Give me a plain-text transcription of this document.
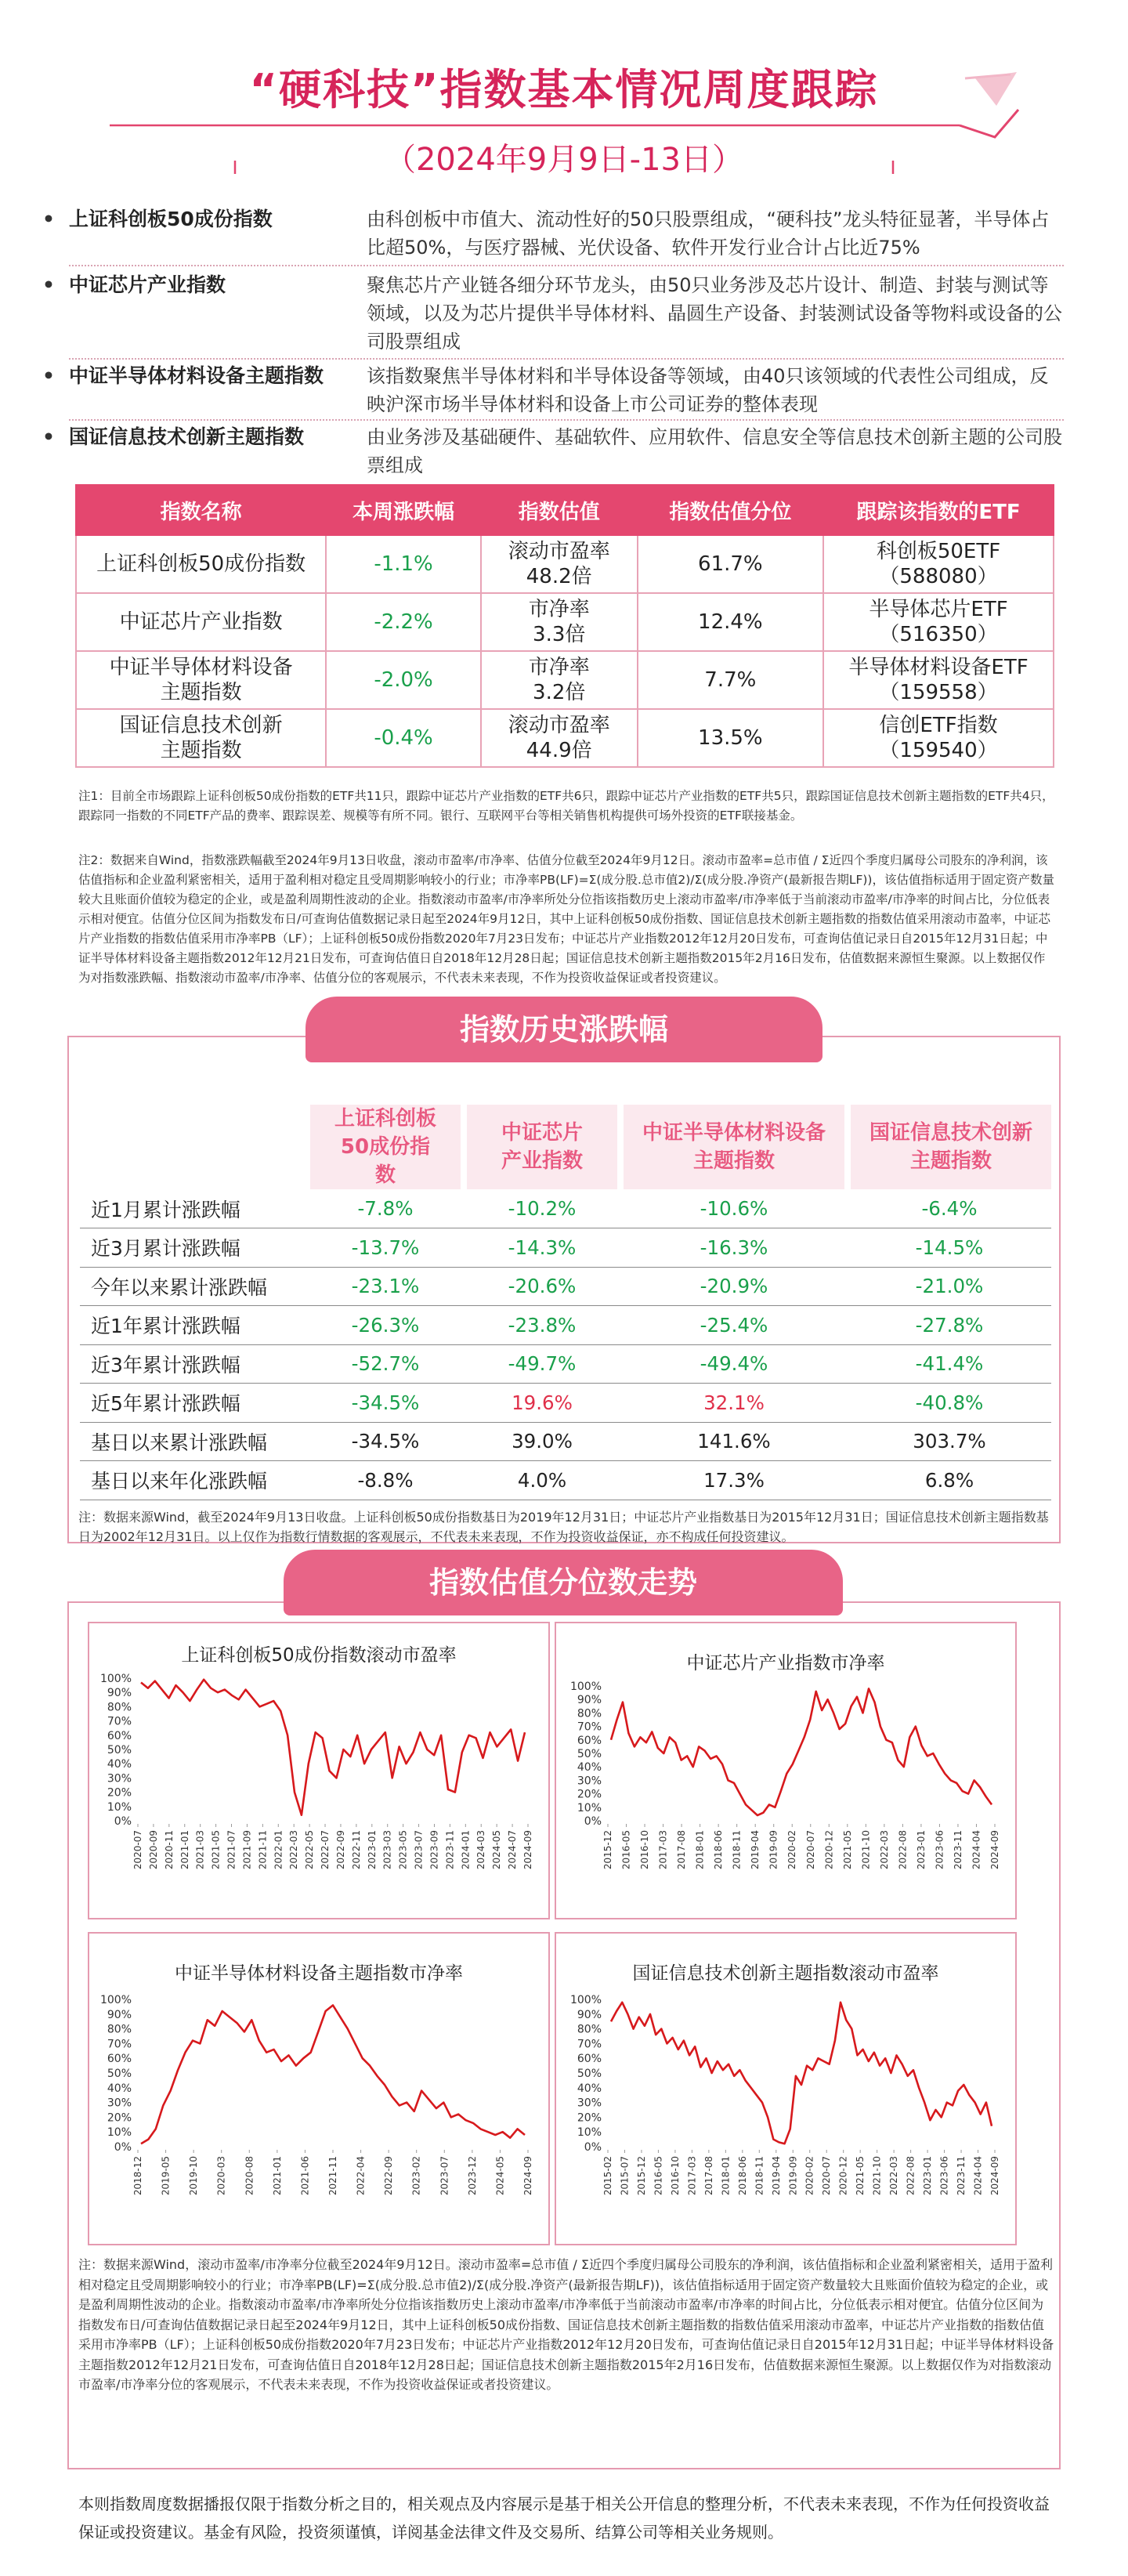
“硬科技”指数基本情况周度跟踪
（2024年9月9日-13日）
• 上证科创板50成份指数	由科创板中市值大、流动性好的50只股票组成，“硬科技”龙头特征显著，半导体占比超50%，与医疗器械、光伏设备、软件开发行业合计占比近75%
• 中证芯片产业指数	聚焦芯片产业链各细分环节龙头，由50只业务涉及芯片设计、制造、封装与测试等领域，以及为芯片提供半导体材料、晶圆生产设备、封装测试设备等物料或设备的公司股票组成
• 中证半导体材料设备主题指数	该指数聚焦半导体材料和半导体设备等领域，由40只该领域的代表性公司组成，反映沪深市场半导体材料和设备上市公司证券的整体表现
• 国证信息技术创新主题指数	由业务涉及基础硬件、基础软件、应用软件、信息安全等信息技术创新主题的公司股票组成
指数名称	本周涨跌幅	指数估值	指数估值分位	跟踪该指数的ETF
上证科创板50成份指数	-1.1%	滚动市盈率 48.2倍	61.7%	科创板50ETF （588080）
中证芯片产业指数	-2.2%	市净率 3.3倍	12.4%	半导体芯片ETF （516350）
中证半导体材料设备 主题指数	-2.0%	市净率 3.2倍	7.7%	半导体材料设备ETF （159558）
国证信息技术创新 主题指数	-0.4%	滚动市盈率 44.9倍	13.5%	信创ETF指数 （159540）
注1：目前全市场跟踪上证科创板50成份指数的ETF共11只，跟踪中证芯片产业指数的ETF共6只，跟踪中证芯片产业指数的ETF共5只，跟踪国证信息技术创新主题指数的ETF共4只，跟踪同一指数的不同ETF产品的费率、跟踪误差、规模等有所不同。银行、互联网平台等相关销售机构提供可场外投资的ETF联接基金。
注2：数据来自Wind，指数涨跌幅截至2024年9月13日收盘，滚动市盈率/市净率、估值分位截至2024年9月12日。滚动市盈率=总市值 / Σ近四个季度归属母公司股东的净利润，该估值指标和企业盈利紧密相关，适用于盈利相对稳定且受周期影响较小的行业；市净率PB(LF)=Σ(成分股.总市值2)/Σ(成分股.净资产(最新报告期LF))，该估值指标适用于固定资产数量较大且账面价值较为稳定的企业，或是盈利周期性波动的企业。指数滚动市盈率/市净率所处分位指该指数历史上滚动市盈率/市净率低于当前滚动市盈率/市净率的时间占比，分位低表示相对便宜。估值分位区间为指数发布日/可查询估值数据记录日起至2024年9月12日，其中上证科创板50成份指数、国证信息技术创新主题指数的指数估值采用滚动市盈率，中证芯片产业指数的指数估值采用市净率PB（LF）；上证科创板50成份指数2020年7月23日发布；中证芯片产业指数2012年12月20日发布，可查询估值记录日自2015年12月31日起；中证半导体材料设备主题指数2012年12月21日发布，可查询估值日自2018年12月28日起；国证信息技术创新主题指数2015年2月16日发布，估值数据来源恒生聚源。以上数据仅作为对指数涨跌幅、指数滚动市盈率/市净率、估值分位的客观展示，不代表未来表现，不作为投资收益保证或者投资建议。
指数历史涨跌幅
	上证科创板 50成份指数	中证芯片 产业指数	中证半导体材料设备 主题指数	国证信息技术创新 主题指数
近1月累计涨跌幅	-7.8%	-10.2%	-10.6%	-6.4%
近3月累计涨跌幅	-13.7%	-14.3%	-16.3%	-14.5%
今年以来累计涨跌幅	-23.1%	-20.6%	-20.9%	-21.0%
近1年累计涨跌幅	-26.3%	-23.8%	-25.4%	-27.8%
近3年累计涨跌幅	-52.7%	-49.7%	-49.4%	-41.4%
近5年累计涨跌幅	-34.5%	19.6%	32.1%	-40.8%
基日以来累计涨跌幅	-34.5%	39.0%	141.6%	303.7%
基日以来年化涨跌幅	-8.8%	4.0%	17.3%	6.8%
注：数据来源Wind，截至2024年9月13日收盘。上证科创板50成份指数基日为2019年12月31日；中证芯片产业指数基日为2015年12月31日；国证信息技术创新主题指数基日为2002年12月31日。以上仅作为指数行情数据的客观展示，不代表未来表现，不作为投资收益保证，亦不构成任何投资建议。
指数估值分位数走势
上证科创板50成份指数滚动市盈率
100%
90%
80%
70%
60%
50%
40%
30%
20%
10%
0%
2020-07 2020-09 2020-11 2021-01 2021-03 2021-05 2021-07 2021-09 2021-11 2022-01 2022-03 2022-05 2022-07 2022-09 2022-11 2023-01 2023-03 2023-05 2023-07 2023-09 2023-11 2024-01 2024-03 2024-05 2024-07 2024-09
中证芯片产业指数市净率
100%
90%
80%
70%
60%
50%
40%
30%
20%
10%
0%
2015-12 2016-05 2016-10 2017-03 2017-08 2018-01 2018-06 2018-11 2019-04 2019-09 2020-02 2020-07 2020-12 2021-05 2021-10 2022-03 2022-08 2023-01 2023-06 2023-11 2024-04 2024-09
中证半导体材料设备主题指数市净率
100%
90%
80%
70%
60%
50%
40%
30%
20%
10%
0%
2018-12 2019-05 2019-10 2020-03 2020-08 2021-01 2021-06 2021-11 2022-04 2022-09 2023-02 2023-07 2023-12 2024-05 2024-09
国证信息技术创新主题指数滚动市盈率
100%
90%
80%
70%
60%
50%
40%
30%
20%
10%
0%
2015-02 2015-07 2015-12 2016-05 2016-10 2017-03 2017-08 2018-01 2018-06 2018-11 2019-04 2019-09 2020-02 2020-07 2020-12 2021-05 2021-10 2022-03 2022-08 2023-01 2023-06 2023-11 2024-04 2024-09
注：数据来源Wind，滚动市盈率/市净率分位截至2024年9月12日。滚动市盈率=总市值 / Σ近四个季度归属母公司股东的净利润，该估值指标和企业盈利紧密相关，适用于盈利相对稳定且受周期影响较小的行业；市净率PB(LF)=Σ(成分股.总市值2)/Σ(成分股.净资产(最新报告期LF))，该估值指标适用于固定资产数量较大且账面价值较为稳定的企业，或是盈利周期性波动的企业。指数滚动市盈率/市净率所处分位指该指数历史上滚动市盈率/市净率低于当前滚动市盈率/市净率的时间占比，分位低表示相对便宜。估值分位区间为指数发布日/可查询估值数据记录日起至2024年9月12日，其中上证科创板50成份指数、国证信息技术创新主题指数的指数估值采用滚动市盈率，中证芯片产业指数的指数估值采用市净率PB（LF）；上证科创板50成份指数2020年7月23日发布；中证芯片产业指数2012年12月20日发布，可查询估值记录日自2015年12月31日起；中证半导体材料设备主题指数2012年12月21日发布，可查询估值日自2018年12月28日起；国证信息技术创新主题指数2015年2月16日发布，估值数据来源恒生聚源。以上数据仅作为对指数滚动市盈率/市净率分位的客观展示，不代表未来表现，不作为投资收益保证或者投资建议。
本则指数周度数据播报仅限于指数分析之目的，相关观点及内容展示是基于相关公开信息的整理分析，不代表未来表现，不作为任何投资收益保证或投资建议。基金有风险，投资须谨慎，详阅基金法律文件及交易所、结算公司等相关业务规则。
